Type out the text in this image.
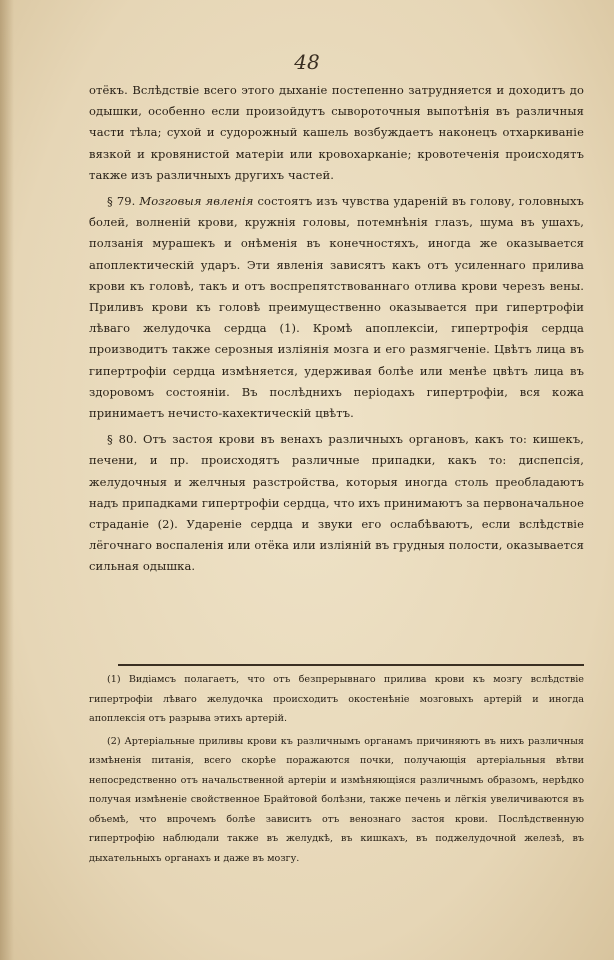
48

отёкъ. Вслѣдствіе всего этого дыханіе постепенно затрудняется и доходитъ до одышки, особенно если произойдутъ сывороточныя выпотѣнія въ различныя части тѣла; сухой и судорожный кашель возбуждаетъ наконецъ отхаркиваніе вязкой и кровянистой матеріи или кровохарканіе; кровотеченія происходятъ также изъ различныхъ другихъ частей.

§ 79. Мозговыя явленія состоятъ изъ чувства удареній въ голову, головныхъ болей, волненій крови, кружнія головы, потемнѣнія глазъ, шума въ ушахъ, ползанія мурашекъ и онѣменія въ конечностяхъ, иногда же оказывается апоплектическій ударъ. Эти явленія зависятъ какъ отъ усиленнаго прилива крови къ головѣ, такъ и отъ воспрепятствованнаго отлива крови черезъ вены. Приливъ крови къ головѣ преимущественно оказывается при гипертрофіи лѣваго желудочка сердца (1). Кромѣ апоплексіи, гипертрофія сердца производитъ также серозныя изліянія мозга и его размягченіе. Цвѣтъ лица въ гипертрофіи сердца измѣняется, удерживая болѣе или менѣе цвѣтъ лица въ здоровомъ состояніи. Въ послѣднихъ періодахъ гипертрофіи, вся кожа принимаетъ нечисто-кахектическій цвѣтъ.

§ 80. Отъ застоя крови въ венахъ различныхъ органовъ, какъ то: кишекъ, печени, и пр. происходятъ различные припадки, какъ то: диспепсія, желудочныя и желчныя разстройства, которыя иногда столь преобладаютъ надъ припадками гипертрофіи сердца, что ихъ принимаютъ за первоначальное страданіе (2). Удареніе сердца и звуки его ослабѣваютъ, если вслѣдствіе лёгочнаго воспаленія или отёка или изліяній въ грудныя полости, оказывается сильная одышка.

(1) Видіамсъ полагаетъ, что отъ безпрерывнаго прилива крови къ мозгу вслѣдствіе гипертрофіи лѣваго желудочка происходитъ окостенѣніе мозговыхъ артерій и иногда апоплексія отъ разрыва этихъ артерій.

(2) Артеріальные приливы крови къ различнымъ органамъ причиняютъ въ нихъ различныя измѣненія питанія, всего скорѣе поражаются почки, получающія артеріальныя вѣтви непосредственно отъ начальственной артеріи и измѣняющіяся различнымъ образомъ, нерѣдко получая измѣненіе свойственное Брайтовой болѣзни, также печень и лёгкія увеличиваются въ объемѣ, что впрочемъ болѣе зависитъ отъ венознаго застоя крови. Послѣдственную гипертрофію наблюдали также въ желудкѣ, въ кишкахъ, въ поджелудочной железѣ, въ дыхательныхъ органахъ и даже въ мозгу.
